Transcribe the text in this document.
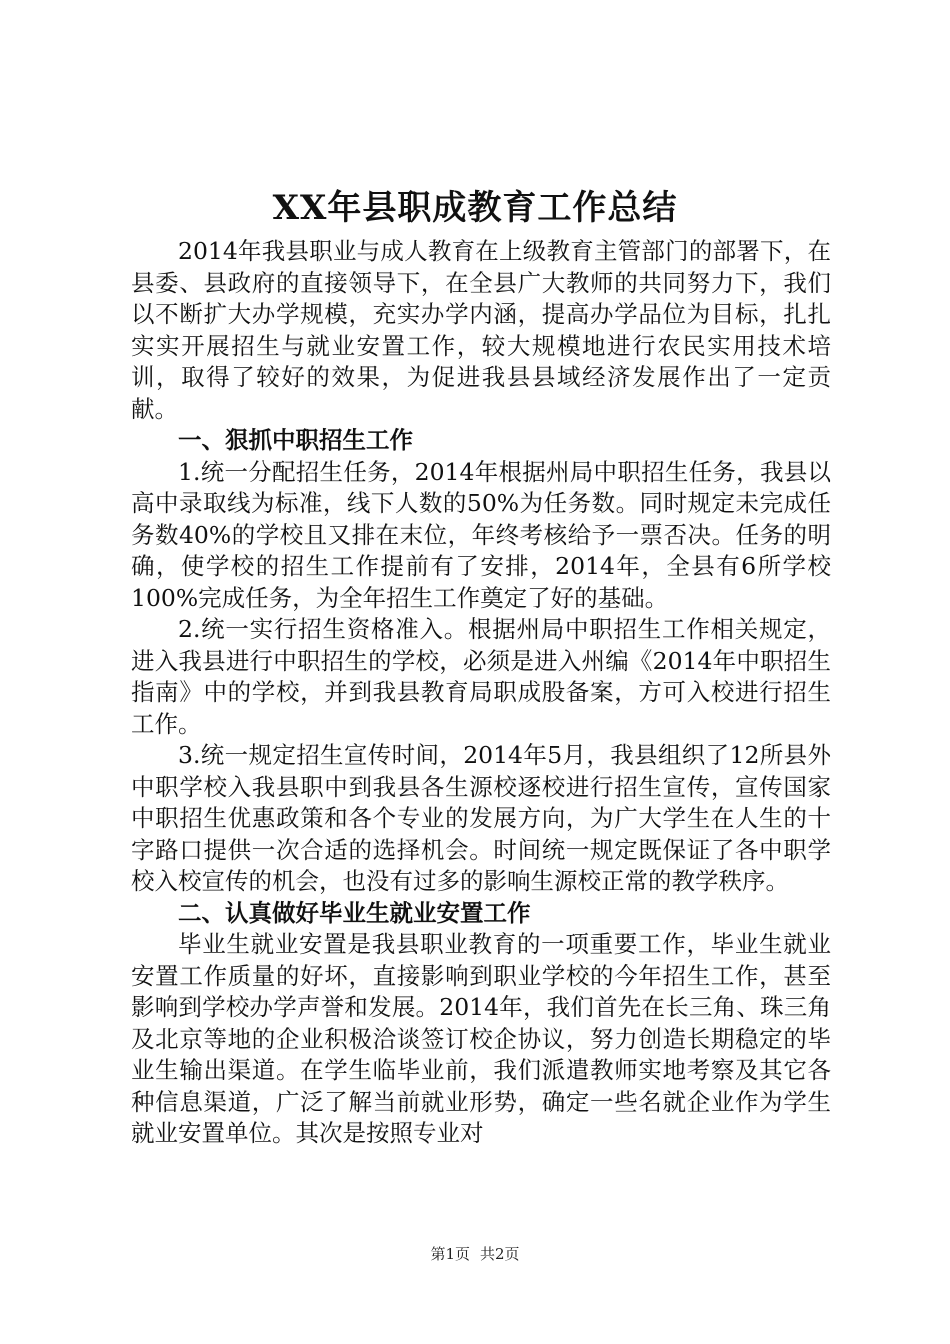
XX年县职成教育工作总结

2014年我县职业与成人教育在上级教育主管部门的部署下，在县委、县政府的直接领导下，在全县广大教师的共同努力下，我们以不断扩大办学规模，充实办学内涵，提高办学品位为目标，扎扎实实开展招生与就业安置工作，较大规模地进行农民实用技术培训，取得了较好的效果，为促进我县县域经济发展作出了一定贡献。

一、狠抓中职招生工作

1.统一分配招生任务，2014年根据州局中职招生任务，我县以高中录取线为标准，线下人数的50%为任务数。同时规定未完成任务数40%的学校且又排在末位，年终考核给予一票否决。任务的明确，使学校的招生工作提前有了安排，2014年，全县有6所学校100%完成任务，为全年招生工作奠定了好的基础。

2.统一实行招生资格准入。根据州局中职招生工作相关规定，进入我县进行中职招生的学校，必须是进入州编《2014年中职招生指南》中的学校，并到我县教育局职成股备案，方可入校进行招生工作。

3.统一规定招生宣传时间，2014年5月，我县组织了12所县外中职学校入我县职中到我县各生源校逐校进行招生宣传，宣传国家中职招生优惠政策和各个专业的发展方向，为广大学生在人生的十字路口提供一次合适的选择机会。时间统一规定既保证了各中职学校入校宣传的机会，也没有过多的影响生源校正常的教学秩序。

二、认真做好毕业生就业安置工作

毕业生就业安置是我县职业教育的一项重要工作，毕业生就业安置工作质量的好坏，直接影响到职业学校的今年招生工作，甚至影响到学校办学声誉和发展。2014年，我们首先在长三角、珠三角及北京等地的企业积极洽谈签订校企协议，努力创造长期稳定的毕业生输出渠道。在学生临毕业前，我们派遣教师实地考察及其它各种信息渠道，广泛了解当前就业形势，确定一些名就企业作为学生就业安置单位。其次是按照专业对

第1页 共2页
